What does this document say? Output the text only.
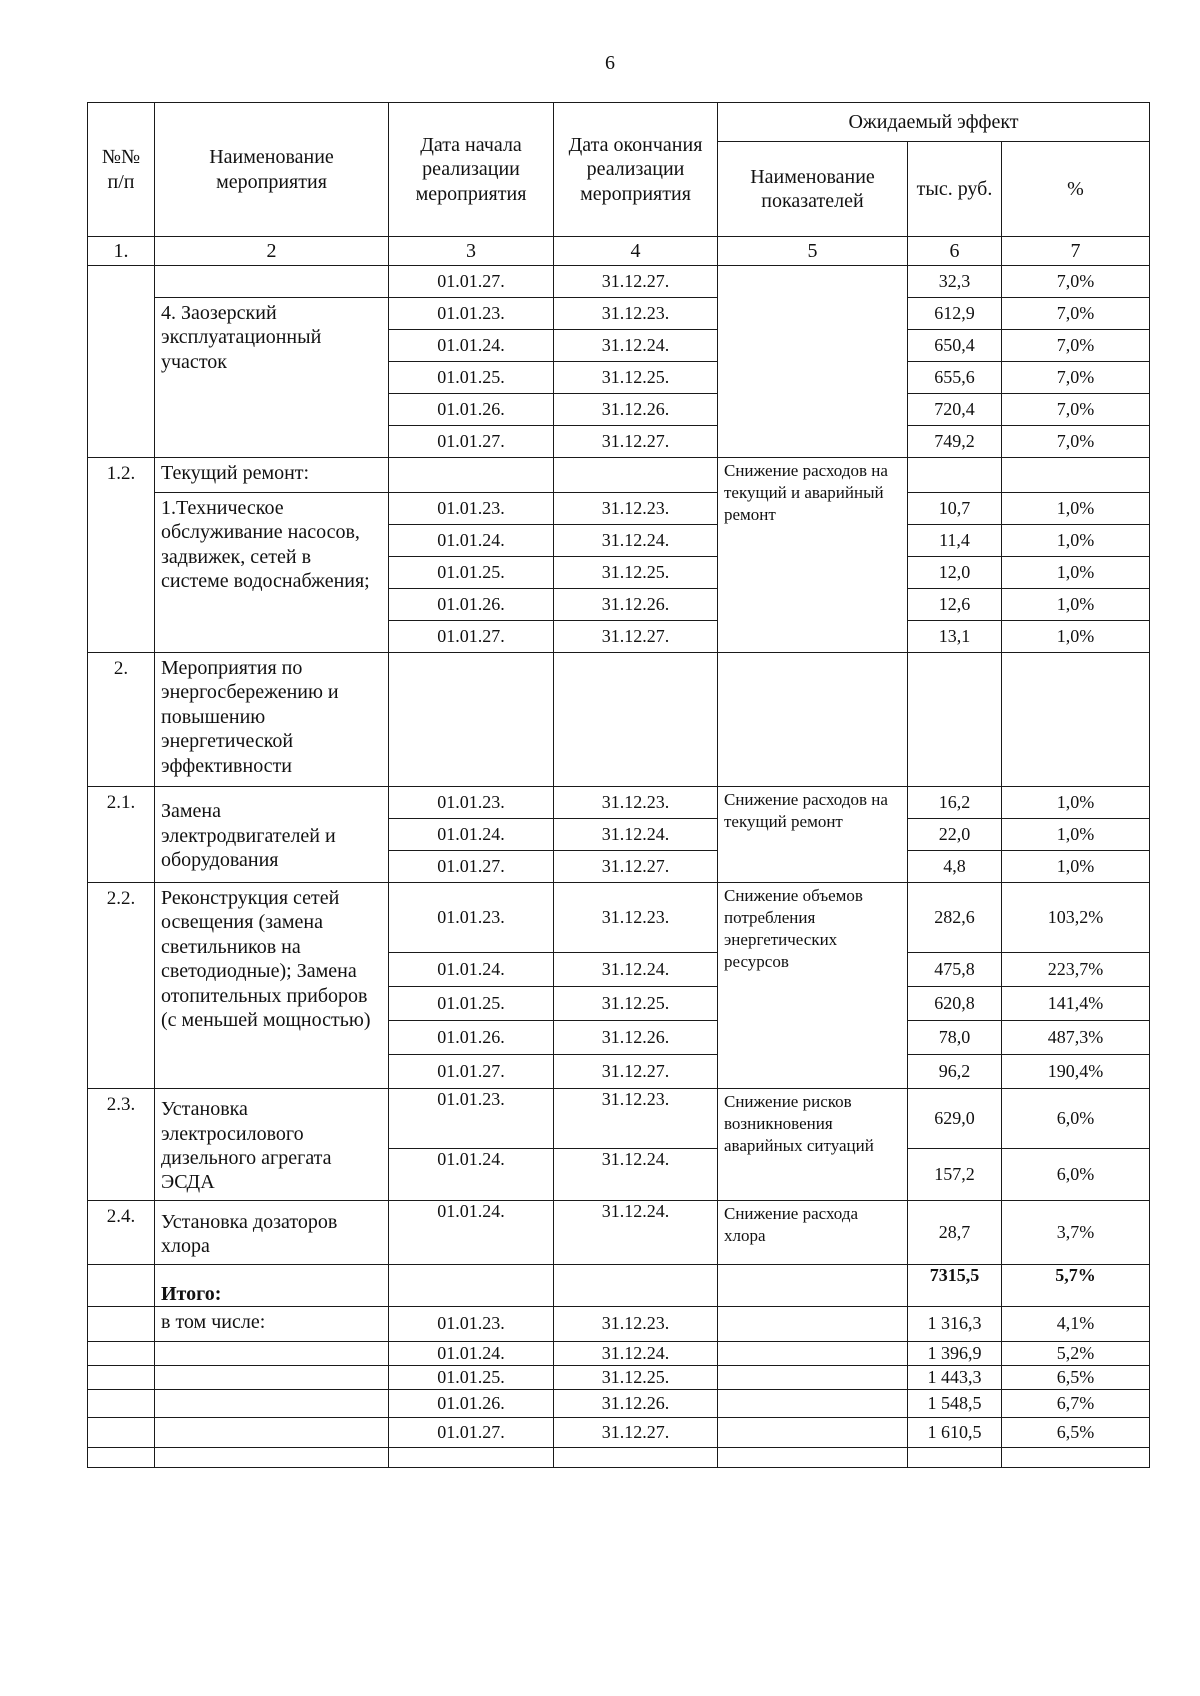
6
№№ п/п	Наименование мероприятия	Дата начала реализации мероприятия	Дата окончания реализации мероприятия	Ожидаемый эффект		
				Наименование показателей	тыс. руб.	%
1.	2	3	4	5	6	7
		01.01.27.	31.12.27.		32,3	7,0%
	4. Заозерский эксплуатационный участок	01.01.23.	31.12.23.		612,9	7,0%
		01.01.24.	31.12.24.		650,4	7,0%
		01.01.25.	31.12.25.		655,6	7,0%
		01.01.26.	31.12.26.		720,4	7,0%
		01.01.27.	31.12.27.		749,2	7,0%
1.2.	Текущий ремонт:			Снижение расходов на текущий и аварийный ремонт		
	1.Техническое обслуживание насосов, задвижек, сетей в системе водоснабжения;	01.01.23.	31.12.23.		10,7	1,0%
		01.01.24.	31.12.24.		11,4	1,0%
		01.01.25.	31.12.25.		12,0	1,0%
		01.01.26.	31.12.26.		12,6	1,0%
		01.01.27.	31.12.27.		13,1	1,0%
2.	Мероприятия по энергосбережению и повышению энергетической эффективности					
2.1.	Замена электродвигателей и оборудования	01.01.23.	31.12.23.	Снижение расходов на текущий ремонт	16,2	1,0%
		01.01.24.	31.12.24.		22,0	1,0%
		01.01.27.	31.12.27.		4,8	1,0%
2.2.	Реконструкция сетей освещения (замена светильников на светодиодные); Замена отопительных приборов (с меньшей мощностью)	01.01.23.	31.12.23.	Снижение объемов потребления энергетических ресурсов	282,6	103,2%
		01.01.24.	31.12.24.		475,8	223,7%
		01.01.25.	31.12.25.		620,8	141,4%
		01.01.26.	31.12.26.		78,0	487,3%
		01.01.27.	31.12.27.		96,2	190,4%
2.3.	Установка электросилового дизельного агрегата ЭСДА	01.01.23.	31.12.23.	Снижение рисков возникновения аварийных ситуаций	629,0	6,0%
		01.01.24.	31.12.24.		157,2	6,0%
2.4.	Установка дозаторов хлора	01.01.24.	31.12.24.	Снижение расхода хлора	28,7	3,7%
	Итого:				7315,5	5,7%
	в том числе:	01.01.23.	31.12.23.		1 316,3	4,1%
		01.01.24.	31.12.24.		1 396,9	5,2%
		01.01.25.	31.12.25.		1 443,3	6,5%
		01.01.26.	31.12.26.		1 548,5	6,7%
		01.01.27.	31.12.27.		1 610,5	6,5%
